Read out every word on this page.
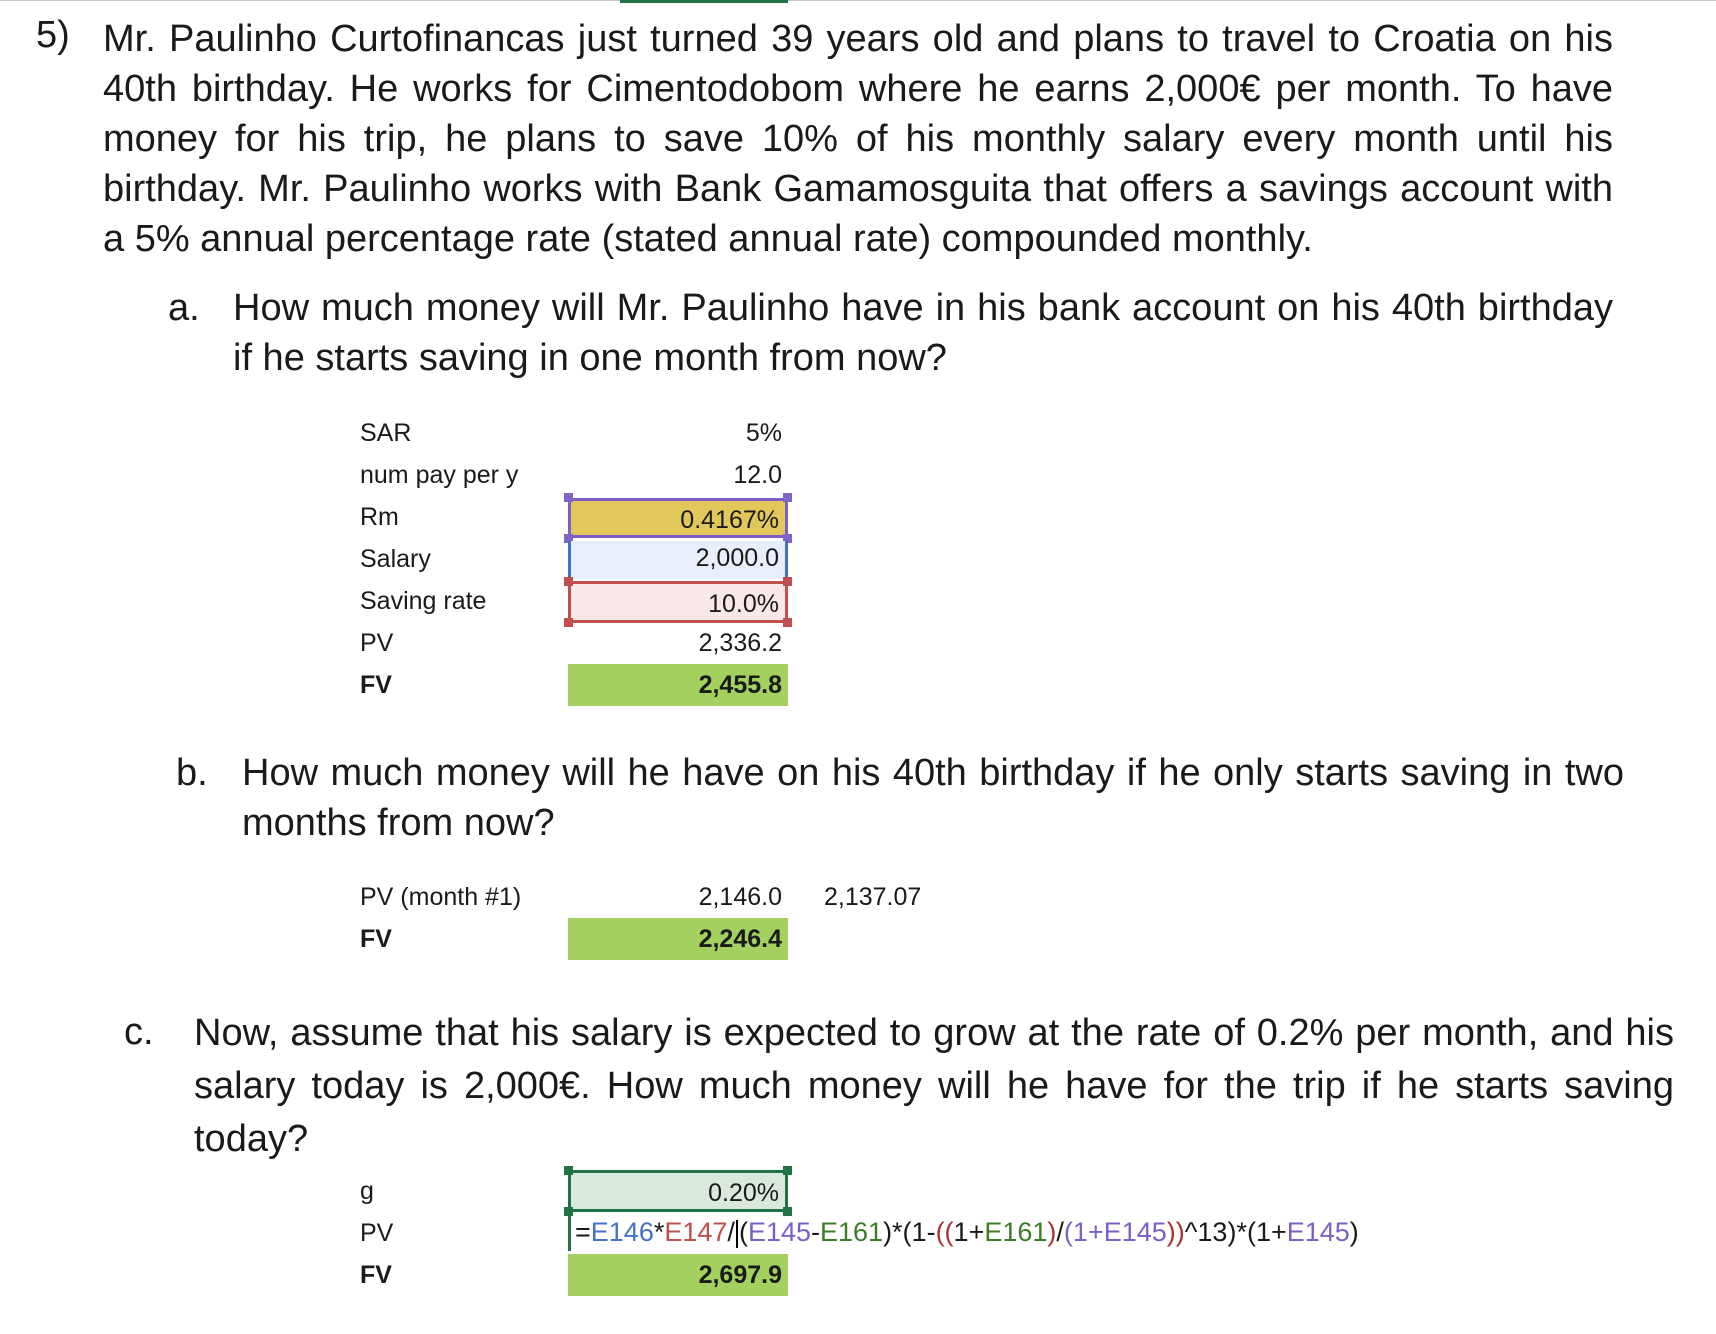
5) Mr. Paulinho Curtofinancas just turned 39 years old and plans to travel to Croatia on his 40th birthday. He works for Cimentodobom where he earns 2,000€ per month. To have money for his trip, he plans to save 10% of his monthly salary every month until his birthday. Mr. Paulinho works with Bank Gamamosguita that offers a savings account with a 5% annual percentage rate (stated annual rate) compounded monthly.
a. How much money will Mr. Paulinho have in his bank account on his 40th birthday if he starts saving in one month from now?
SAR	5%
num pay per y	12.0
Rm	0.4167%
Salary	2,000.0
Saving rate	10.0%
PV	2,336.2
FV	2,455.8
b. How much money will he have on his 40th birthday if he only starts saving in two months from now?
PV (month #1)	2,146.0	2,137.07
FV	2,246.4
c. Now, assume that his salary is expected to grow at the rate of 0.2% per month, and his salary today is 2,000€. How much money will he have for the trip if he starts saving today?
g	0.20%
PV	=E146*E147/ (E145-E161)*(1-((1+E161)/(1+E145))^13)*(1+E145)
FV	2,697.9
